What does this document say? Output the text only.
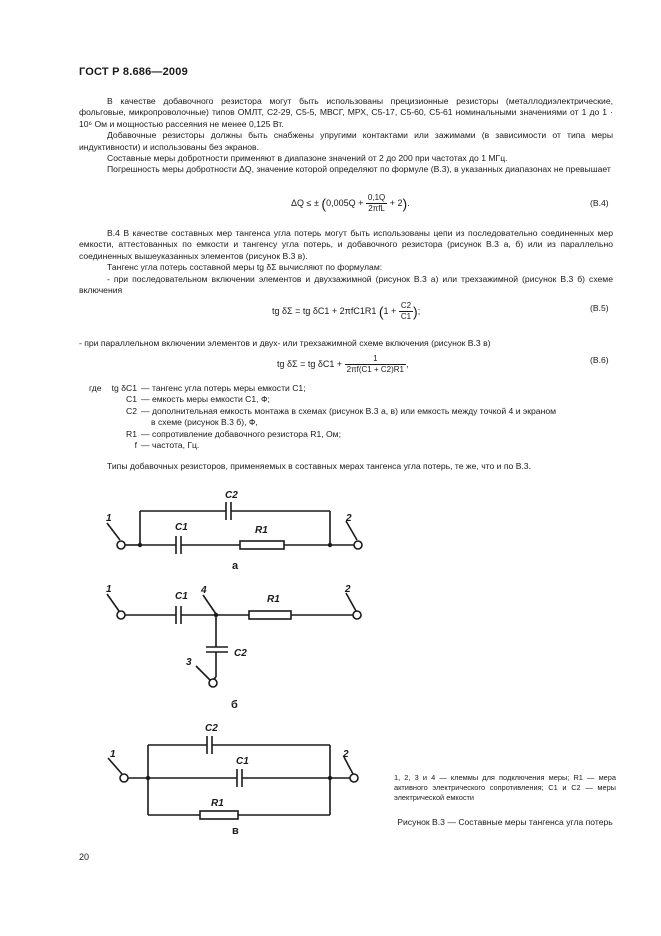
ГОСТ Р 8.686—2009

В качестве добавочного резистора могут быть использованы прецизионные резисторы (металлодиэлектрические, фольговые, микропроволочные) типов ОМЛТ, С2-29, С5-5, МВСГ, МРХ, С5-17, С5-60, С5-61 номинальными значениями от 1 до 1 · 10⁶ Ом и мощностью рассеяния не менее 0,125 Вт.

Добавочные резисторы должны быть снабжены упругими контактами или зажимами (в зависимости от типа меры индуктивности) и использованы без экранов.

Составные меры добротности применяют в диапазоне значений от 2 до 200 при частотах до 1 МГц.

Погрешность меры добротности ΔQ, значение которой определяют по формуле (В.3), в указанных диапазонах не превышает

ΔQ ≤ ± $(0,005Q + \frac{0,1Q}{\text{2πfL}} + 2)$.	(В.4)

В.4 В качестве составных мер тангенса угла потерь могут быть использованы цепи из последовательно соединенных мер емкости, аттестованных по емкости и тангенсу угла потерь, и добавочного резистора (рисунок В.3 а, б) или из параллельно соединенных вышеуказанных элементов (рисунок В.3 в).

Тангенс угла потерь составной меры tg δΣ вычисляют по формулам:

- при последовательном включении элементов и двухзажимной (рисунок В.3 а) или трехзажимной (рисунок В.3 б) схеме включения

tg δΣ = tg δC1 + 2πfC1R1 ($1 + \frac{C2}{C1}$ );	(В.5)

- при параллельном включении элементов и двух- или трехзажимной схеме включения (рисунок В.3 в)

tg δΣ = tg $\delta C1 + \frac{1}{2\pi f(C1 + C2)R1}$ ,	(В.6)
где tg δC1 — тангенс угла потерь меры емкости C1;
C1 — емкость меры емкости C1, Ф;
C2 — дополнительная емкость монтажа в схемах (рисунок В.3 а, в) или емкость между точкой 4 и экраном
в схеме (рисунок В.3 б), Ф,
R1 — сопротивление добавочного резистора R1, Ом;
f — частота, Гц.
Типы добавочных резисторов, применяемых в составных мерах тангенса угла потерь, те же, что и по В.3.
C2
C1	R1
1	2
C1	R1
4
1	2
C2
3
C2
C1
R1
1	2
а
б
в
1, 2, 3 и 4 — клеммы для подключения меры; R1 — мера активного электрического сопротивления; C1 и C2 — меры электрической емкости
Рисунок В.3 — Составные меры тангенса угла потерь
20
